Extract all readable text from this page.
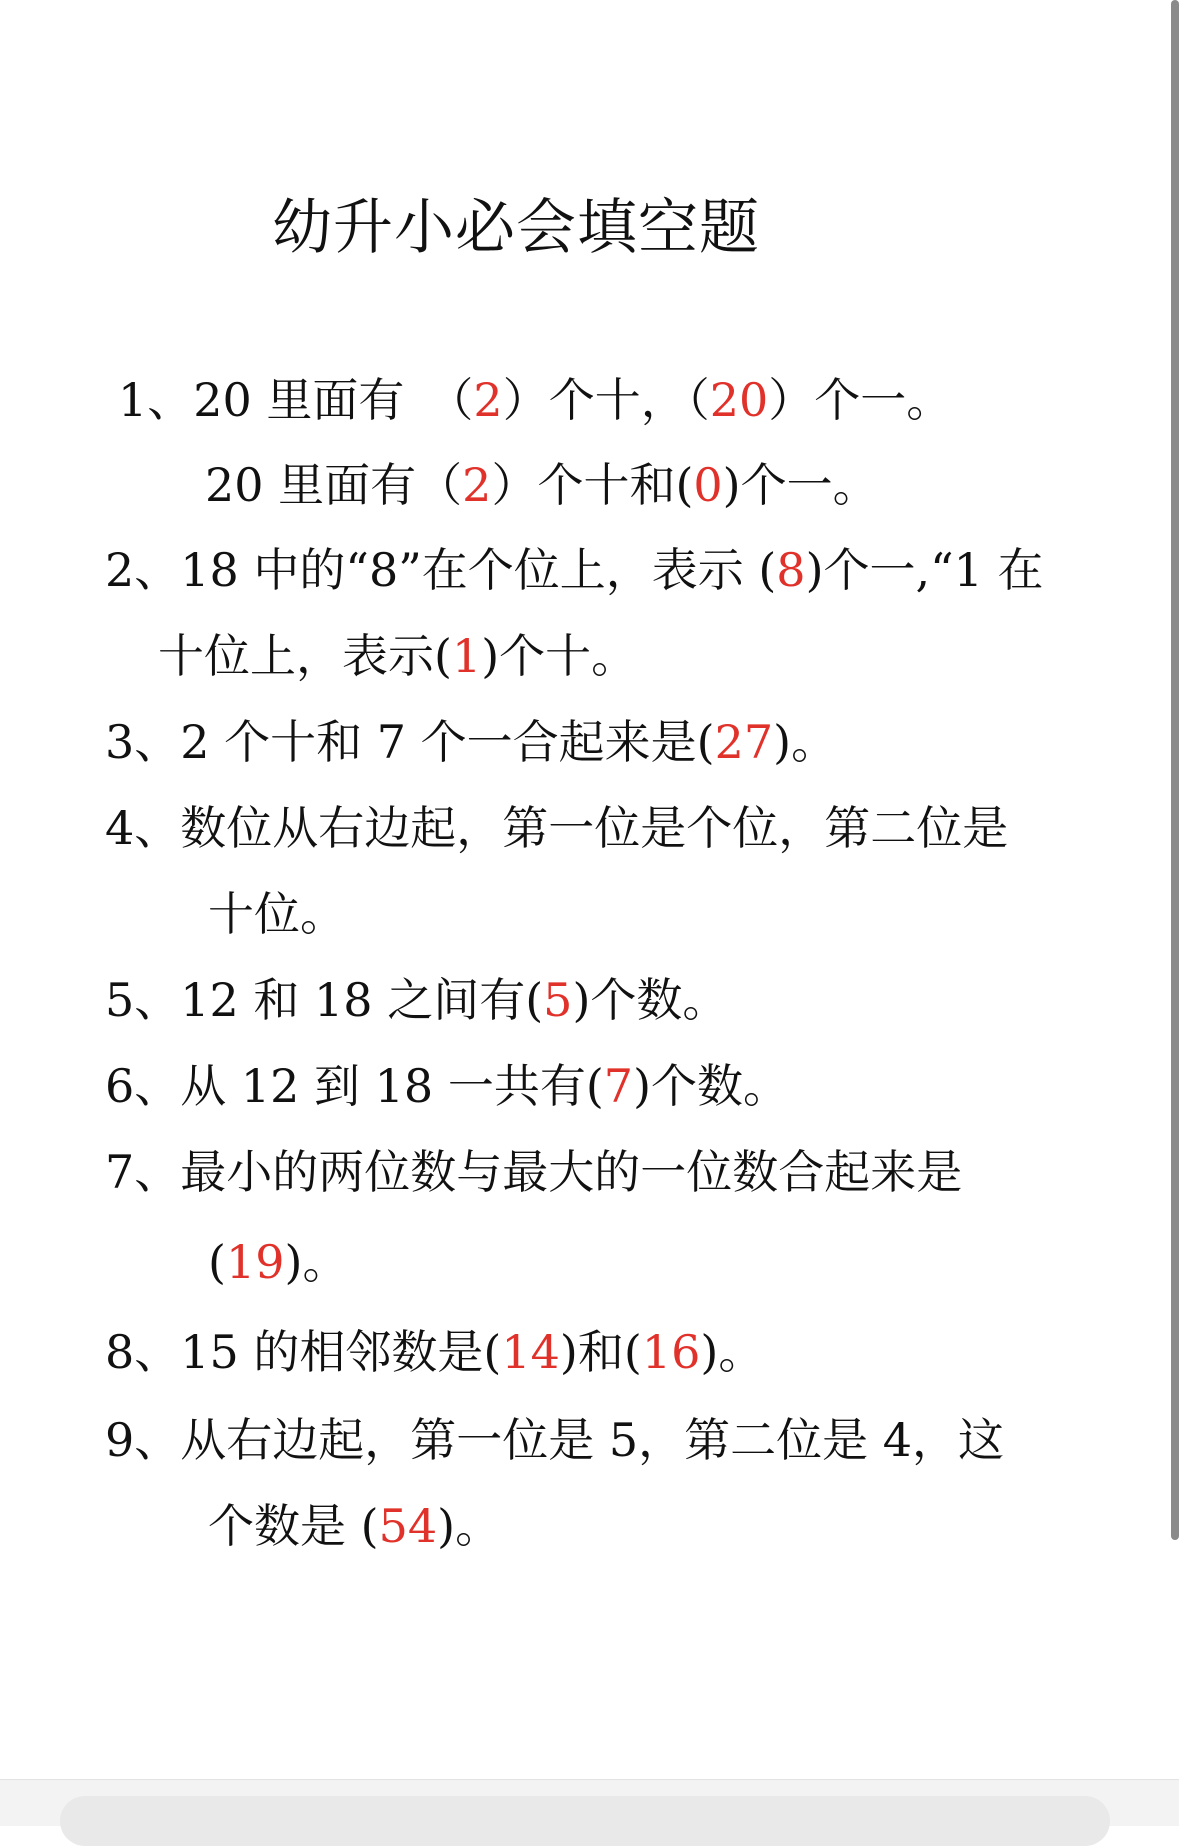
幼升小必会填空题
1、20 里面有　（2）个十，（20）个一。
20 里面有（2）个十和(0)个一。
2、18 中的“8”在个位上，表示 (8)个一,“1 在
十位上，表示(1)个十。
3、2 个十和 7 个一合起来是(27)。
4、数位从右边起，第一位是个位，第二位是
十位。
5、12 和 18 之间有(5)个数。
6、从 12 到 18 一共有(7)个数。
7、最小的两位数与最大的一位数合起来是
(19)。
8、15 的相邻数是(14)和(16)。
9、从右边起，第一位是 5，第二位是 4，这
个数是 (54)。
